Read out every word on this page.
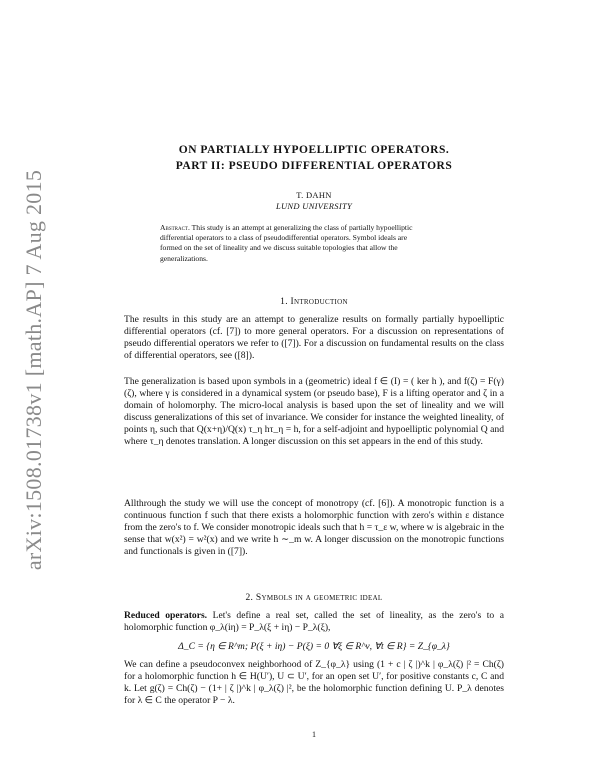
arXiv:1508.01738v1 [math.AP] 7 Aug 2015
ON PARTIALLY HYPOELLIPTIC OPERATORS.
PART II: PSEUDO DIFFERENTIAL OPERATORS
T. DAHN
LUND UNIVERSITY
Abstract. This study is an attempt at generalizing the class of partially hypoelliptic differential operators to a class of pseudodifferential operators. Symbol ideals are formed on the set of lineality and we discuss suitable topologies that allow the generalizations.
1. Introduction
The results in this study are an attempt to generalize results on formally partially hypoelliptic differential operators (cf. [7]) to more general operators. For a discussion on representations of pseudo differential operators we refer to ([7]). For a discussion on fundamental results on the class of differential operators, see ([8]).
The generalization is based upon symbols in a (geometric) ideal f ∈ (I) = ( ker h ), and f(ζ) = F(γ)(ζ), where γ is considered in a dynamical system (or pseudo base), F is a lifting operator and ζ in a domain of holomorphy. The micro-local analysis is based upon the set of lineality and we will discuss generalizations of this set of invariance. We consider for instance the weighted lineality, of points η, such that Q(x+η)/Q(x) τ_η hτ_η = h, for a self-adjoint and hypoelliptic polynomial Q and where τ_η denotes translation. A longer discussion on this set appears in the end of this study.
Allthrough the study we will use the concept of monotropy (cf. [6]). A monotropic function is a continuous function f such that there exists a holomorphic function with zero's within ε distance from the zero's to f. We consider monotropic ideals such that h = τ_ε w, where w is algebraic in the sense that w(x²) = w²(x) and we write h ∼_m w. A longer discussion on the monotropic functions and functionals is given in ([7]).
2. Symbols in a geometric ideal
Reduced operators. Let's define a real set, called the set of lineality, as the zero's to a holomorphic function φ_λ(iη) = P_λ(ξ + iη) − P_λ(ξ),
Δ_C = {η ∈ R^m; P(ξ + iη) − P(ξ) = 0 ∀ξ ∈ R^ν, ∀t ∈ R} = Z_{φ_λ}
We can define a pseudoconvex neighborhood of Z_{φ_λ} using (1 + c | ζ |)^k | φ_λ(ζ) |² = Ch(ζ) for a holomorphic function h ∈ H(U′), U ⊂ U′, for an open set U′, for positive constants c, C and k. Let g(ζ) = Ch(ζ) − (1+ | ζ |)^k | φ_λ(ζ) |², be the holomorphic function defining U. P_λ denotes for λ ∈ C the operator P − λ.
1
